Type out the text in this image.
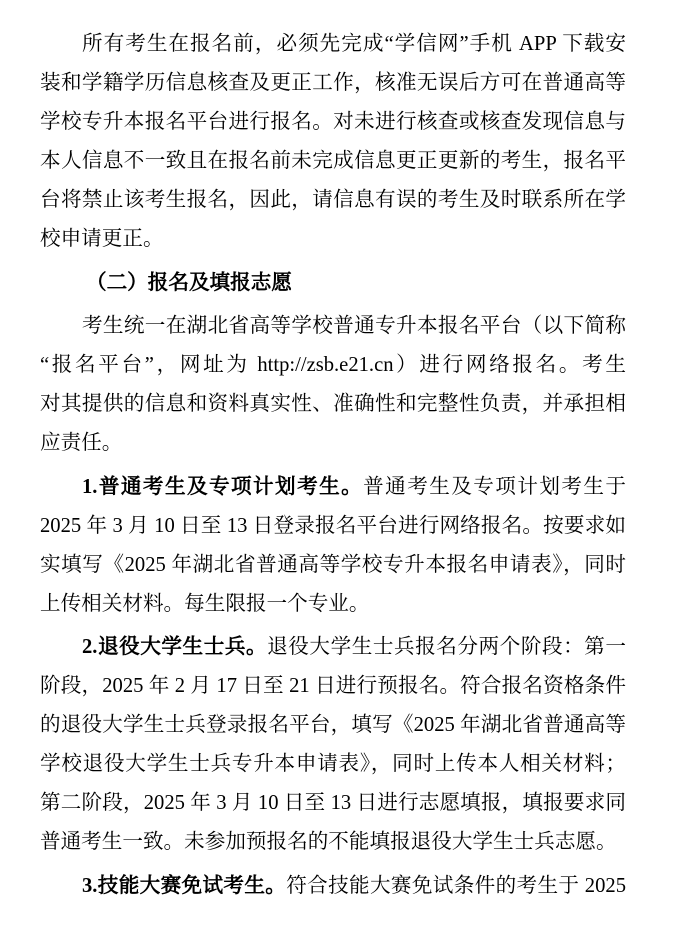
所有考生在报名前，必须先完成“学信网”手机 APP 下载安
装和学籍学历信息核查及更正工作，核准无误后方可在普通高等
学校专升本报名平台进行报名。对未进行核查或核查发现信息与
本人信息不一致且在报名前未完成信息更正更新的考生，报名平
台将禁止该考生报名，因此，请信息有误的考生及时联系所在学
校申请更正。
（二）报名及填报志愿
考生统一在湖北省高等学校普通专升本报名平台（以下简称
“报名平台”，网址为 http://zsb.e21.cn）进行网络报名。考生
对其提供的信息和资料真实性、准确性和完整性负责，并承担相
应责任。
1.普通考生及专项计划考生。普通考生及专项计划考生于
2025 年 3 月 10 日至 13 日登录报名平台进行网络报名。按要求如
实填写《2025 年湖北省普通高等学校专升本报名申请表》，同时
上传相关材料。每生限报一个专业。
2.退役大学生士兵。退役大学生士兵报名分两个阶段：第一
阶段，2025 年 2 月 17 日至 21 日进行预报名。符合报名资格条件
的退役大学生士兵登录报名平台，填写《2025 年湖北省普通高等
学校退役大学生士兵专升本申请表》，同时上传本人相关材料；
第二阶段，2025 年 3 月 10 日至 13 日进行志愿填报，填报要求同
普通考生一致。未参加预报名的不能填报退役大学生士兵志愿。
3.技能大赛免试考生。符合技能大赛免试条件的考生于 2025
